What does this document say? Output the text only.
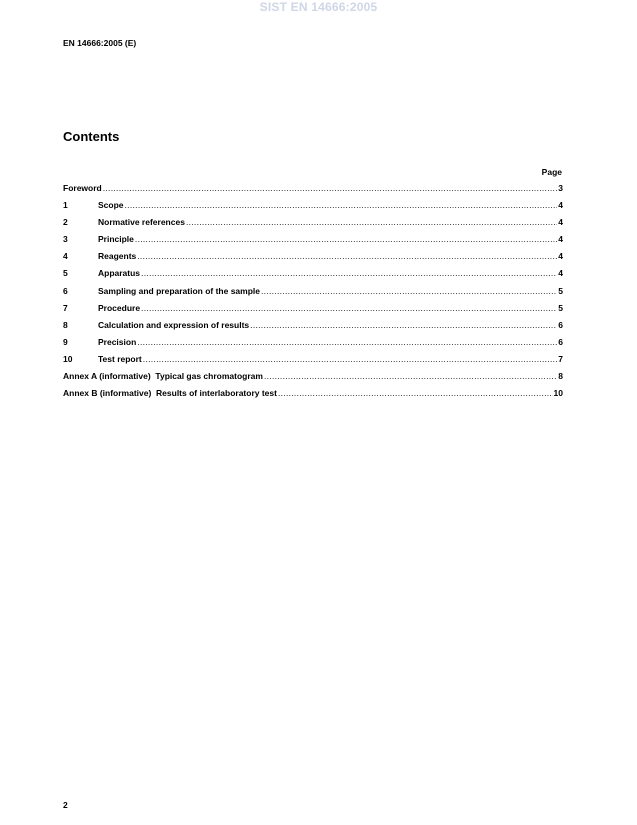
SIST EN 14666:2005
EN 14666:2005 (E)
Contents
Page
Foreword .....	3
1	Scope .....	4
2	Normative references .....	4
3	Principle .....	4
4	Reagents .....	4
5	Apparatus .....	4
6	Sampling and preparation of the sample .....	5
7	Procedure .....	5
8	Calculation and expression of results .....	6
9	Precision .....	6
10	Test report .....	7
Annex A (informative)  Typical gas chromatogram .....	8
Annex B (informative)  Results of interlaboratory test .....	10
2
